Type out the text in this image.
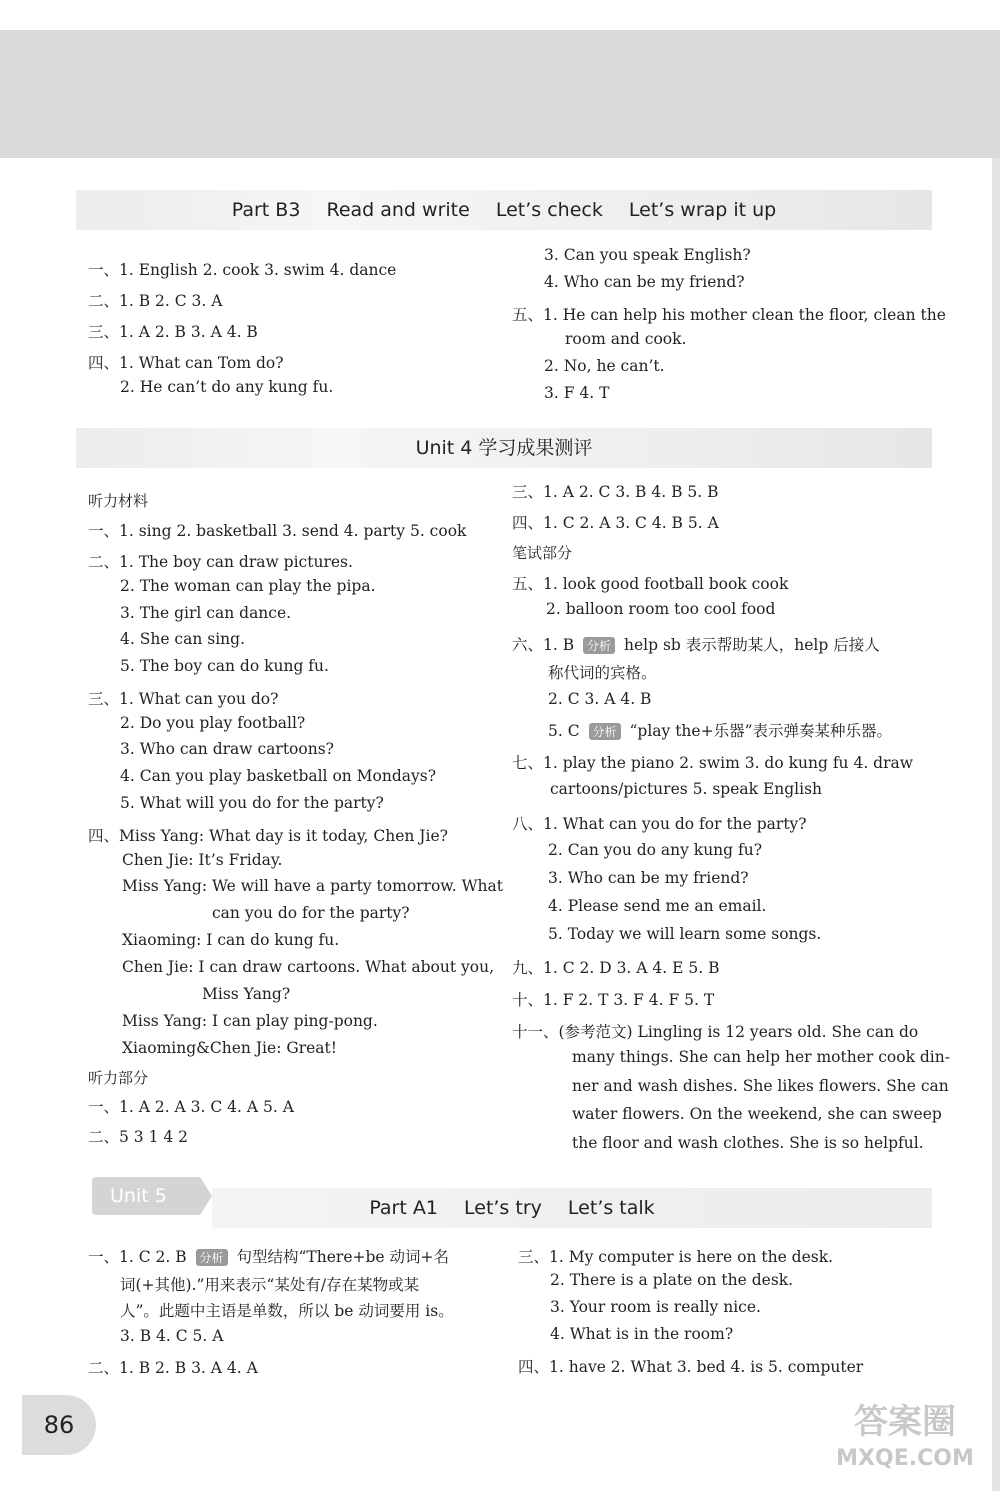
Part B3 Read and write Let’s check Let’s wrap it up
一、1. English 2. cook 3. swim 4. dance
二、1. B 2. C 3. A
三、1. A 2. B 3. A 4. B
四、1. What can Tom do?
2. He can’t do any kung fu.
3. Can you speak English?
4. Who can be my friend?
五、1. He can help his mother clean the floor, clean the
room and cook.
2. No, he can’t.
3. F 4. T
Unit 4 学习成果测评
听力材料
一、1. sing 2. basketball 3. send 4. party 5. cook
二、1. The boy can draw pictures.
2. The woman can play the pipa.
3. The girl can dance.
4. She can sing.
5. The boy can do kung fu.
三、1. What can you do?
2. Do you play football?
3. Who can draw cartoons?
4. Can you play basketball on Mondays?
5. What will you do for the party?
四、Miss Yang: What day is it today, Chen Jie?
Chen Jie: It’s Friday.
Miss Yang: We will have a party tomorrow. What
can you do for the party?
Xiaoming: I can do kung fu.
Chen Jie: I can draw cartoons. What about you,
Miss Yang?
Miss Yang: I can play ping-pong.
Xiaoming&Chen Jie: Great!
听力部分
一、1. A 2. A 3. C 4. A 5. A
二、5 3 1 4 2
三、1. A 2. C 3. B 4. B 5. B
四、1. C 2. A 3. C 4. B 5. A
笔试部分
五、1. look good football book cook
2. balloon room too cool food
六、1. B 分析 help sb 表示帮助某人，help 后接人
称代词的宾格。
2. C 3. A 4. B
5. C 分析 “play the+乐器”表示弹奏某种乐器。
七、1. play the piano 2. swim 3. do kung fu 4. draw
cartoons/pictures 5. speak English
八、1. What can you do for the party?
2. Can you do any kung fu?
3. Who can be my friend?
4. Please send me an email.
5. Today we will learn some songs.
九、1. C 2. D 3. A 4. E 5. B
十、1. F 2. T 3. F 4. F 5. T
十一、(参考范文) Lingling is 12 years old. She can do
many things. She can help her mother cook din-
ner and wash dishes. She likes flowers. She can
water flowers. On the weekend, she can sweep
the floor and wash clothes. She is so helpful.
Unit 5
Part A1 Let’s try Let’s talk
一、1. C 2. B 分析 句型结构“There+be 动词+名
词(+其他).”用来表示“某处有/存在某物或某
人”。此题中主语是单数，所以 be 动词要用 is。
3. B 4. C 5. A
二、1. B 2. B 3. A 4. A
三、1. My computer is here on the desk.
2. There is a plate on the desk.
3. Your room is really nice.
4. What is in the room?
四、1. have 2. What 3. bed 4. is 5. computer
86	答案圈
MXQE.COM
